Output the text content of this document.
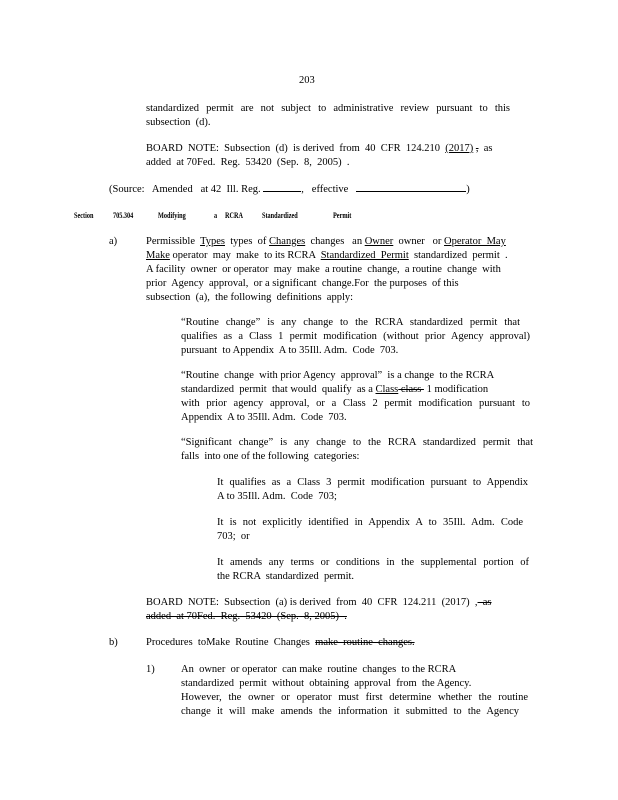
203
standardized permit are not subject to administrative review pursuant to this
subsection  (d).
BOARD  NOTE:  Subsection  (d)  is derived  from  40  CFR  124.210  (2017) ,  as
added  at 70Fed.  Reg.  53420  (Sep.  8,  2005)  .
(Source: Amended   at 42  Ill. Reg.	,   effective	)
Section 705.304	Modifying	a RCRA Standardized	Permit
a)	Permissible  Types  types  of Changes  changes   an Owner  owner   or Operator  May
Make operator  may  make  to its RCRA  Standardized  Permit  standardized  permit  .
A facility  owner  or operator  may  make  a routine  change,  a routine  change  with
prior  Agency  approval,  or a significant  change.For  the purposes  of this
subsection  (a),  the following  definitions  apply:
“Routine change” is any change to the RCRA standardized permit that
qualifies as a Class 1 permit modification (without prior Agency approval)
pursuant  to Appendix  A to 35Ill. Adm.  Code  703.
“Routine  change  with prior Agency  approval”  is a change  to the RCRA
standardized  permit  that would  qualify  as a Class class  1 modification
with prior agency approval, or a Class 2 permit modification pursuant to
Appendix  A to 35Ill. Adm.  Code  703.
“Significant change” is any change to the RCRA standardized permit that
falls  into one of the following  categories:
It qualifies as a Class 3 permit modification pursuant to Appendix
A to 35Ill. Adm.  Code  703;
It is not explicitly identified in Appendix A to 35Ill. Adm. Code
703;  or
It amends any terms or conditions in the supplemental portion of
the RCRA  standardized  permit.
BOARD  NOTE:  Subsection  (a) is derived  from  40  CFR  124.211  (2017)  ,  as
added  at 70Fed.  Reg.  53420  (Sep.  8, 2005)  .
b)	Procedures  toMake  Routine  Changes make  routine  changes.
1)	An  owner  or operator  can make  routine  changes  to the RCRA
standardized  permit  without  obtaining  approval  from  the Agency.
However, the owner or operator must first determine whether the routine
change it will make amends the information it submitted to the Agency
